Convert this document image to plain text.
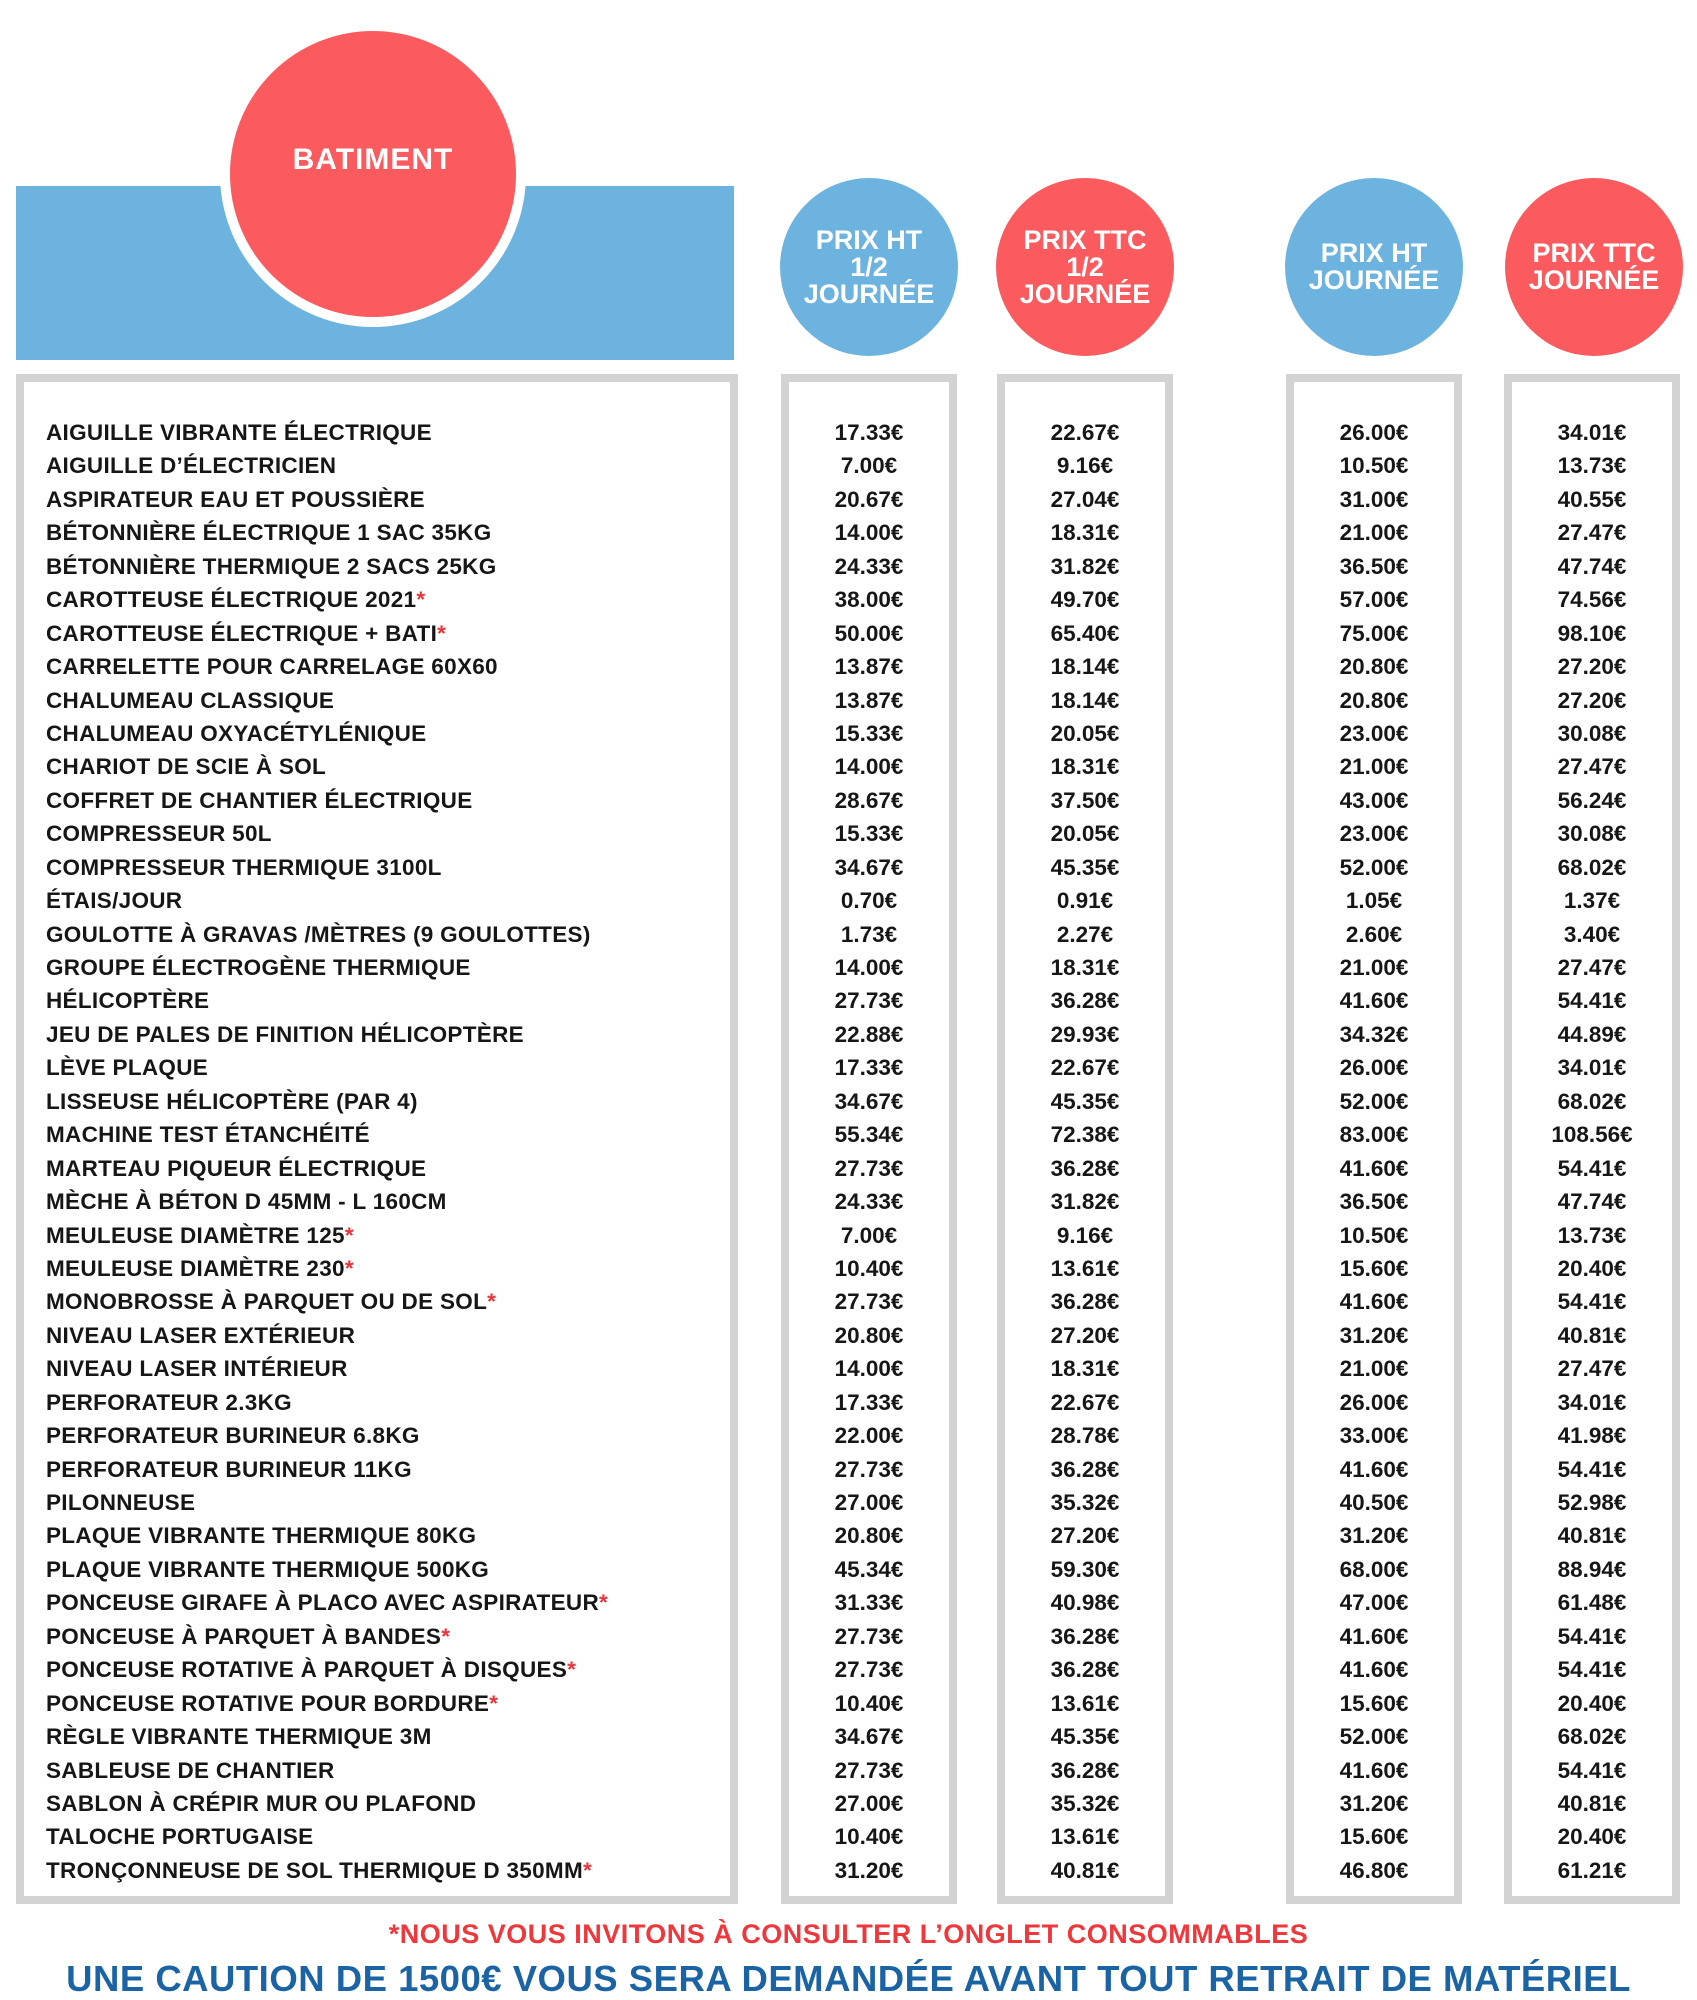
BATIMENT
PRIX HT
1/2
JOURNÉE
PRIX TTC
1/2
JOURNÉE
PRIX HT
JOURNÉE
PRIX TTC
JOURNÉE
AIGUILLE VIBRANTE ÉLECTRIQUE
AIGUILLE D’ÉLECTRICIEN
ASPIRATEUR EAU ET POUSSIÈRE
BÉTONNIÈRE ÉLECTRIQUE 1 SAC 35KG
BÉTONNIÈRE THERMIQUE 2 SACS 25KG
CAROTTEUSE ÉLECTRIQUE 2021*
CAROTTEUSE ÉLECTRIQUE + BATI*
CARRELETTE POUR CARRELAGE 60X60
CHALUMEAU CLASSIQUE
CHALUMEAU OXYACÉTYLÉNIQUE
CHARIOT DE SCIE À SOL
COFFRET DE CHANTIER ÉLECTRIQUE
COMPRESSEUR 50L
COMPRESSEUR THERMIQUE 3100L
ÉTAIS/JOUR
GOULOTTE À GRAVAS /MÈTRES (9 GOULOTTES)
GROUPE ÉLECTROGÈNE THERMIQUE
HÉLICOPTÈRE
JEU DE PALES DE FINITION HÉLICOPTÈRE
LÈVE PLAQUE
LISSEUSE HÉLICOPTÈRE (PAR 4)
MACHINE TEST ÉTANCHÉITÉ
MARTEAU PIQUEUR ÉLECTRIQUE
MÈCHE À BÉTON D 45MM - L 160CM
MEULEUSE DIAMÈTRE 125*
MEULEUSE DIAMÈTRE 230*
MONOBROSSE À PARQUET OU DE SOL*
NIVEAU LASER EXTÉRIEUR
NIVEAU LASER INTÉRIEUR
PERFORATEUR 2.3KG
PERFORATEUR BURINEUR 6.8KG
PERFORATEUR BURINEUR 11KG
PILONNEUSE
PLAQUE VIBRANTE THERMIQUE 80KG
PLAQUE VIBRANTE THERMIQUE 500KG
PONCEUSE GIRAFE À PLACO AVEC ASPIRATEUR*
PONCEUSE À PARQUET À BANDES*
PONCEUSE ROTATIVE À PARQUET À DISQUES*
PONCEUSE ROTATIVE POUR BORDURE*
RÈGLE VIBRANTE THERMIQUE 3M
SABLEUSE DE CHANTIER
SABLON À CRÉPIR MUR OU PLAFOND
TALOCHE PORTUGAISE
TRONÇONNEUSE DE SOL THERMIQUE D 350MM*
17.33€
7.00€
20.67€
14.00€
24.33€
38.00€
50.00€
13.87€
13.87€
15.33€
14.00€
28.67€
15.33€
34.67€
0.70€
1.73€
14.00€
27.73€
22.88€
17.33€
34.67€
55.34€
27.73€
24.33€
7.00€
10.40€
27.73€
20.80€
14.00€
17.33€
22.00€
27.73€
27.00€
20.80€
45.34€
31.33€
27.73€
27.73€
10.40€
34.67€
27.73€
27.00€
10.40€
31.20€
22.67€
9.16€
27.04€
18.31€
31.82€
49.70€
65.40€
18.14€
18.14€
20.05€
18.31€
37.50€
20.05€
45.35€
0.91€
2.27€
18.31€
36.28€
29.93€
22.67€
45.35€
72.38€
36.28€
31.82€
9.16€
13.61€
36.28€
27.20€
18.31€
22.67€
28.78€
36.28€
35.32€
27.20€
59.30€
40.98€
36.28€
36.28€
13.61€
45.35€
36.28€
35.32€
13.61€
40.81€
26.00€
10.50€
31.00€
21.00€
36.50€
57.00€
75.00€
20.80€
20.80€
23.00€
21.00€
43.00€
23.00€
52.00€
1.05€
2.60€
21.00€
41.60€
34.32€
26.00€
52.00€
83.00€
41.60€
36.50€
10.50€
15.60€
41.60€
31.20€
21.00€
26.00€
33.00€
41.60€
40.50€
31.20€
68.00€
47.00€
41.60€
41.60€
15.60€
52.00€
41.60€
31.20€
15.60€
46.80€
34.01€
13.73€
40.55€
27.47€
47.74€
74.56€
98.10€
27.20€
27.20€
30.08€
27.47€
56.24€
30.08€
68.02€
1.37€
3.40€
27.47€
54.41€
44.89€
34.01€
68.02€
108.56€
54.41€
47.74€
13.73€
20.40€
54.41€
40.81€
27.47€
34.01€
41.98€
54.41€
52.98€
40.81€
88.94€
61.48€
54.41€
54.41€
20.40€
68.02€
54.41€
40.81€
20.40€
61.21€
*NOUS VOUS INVITONS À CONSULTER L’ONGLET CONSOMMABLES
UNE CAUTION DE 1500€ VOUS SERA DEMANDÉE AVANT TOUT RETRAIT DE MATÉRIEL
